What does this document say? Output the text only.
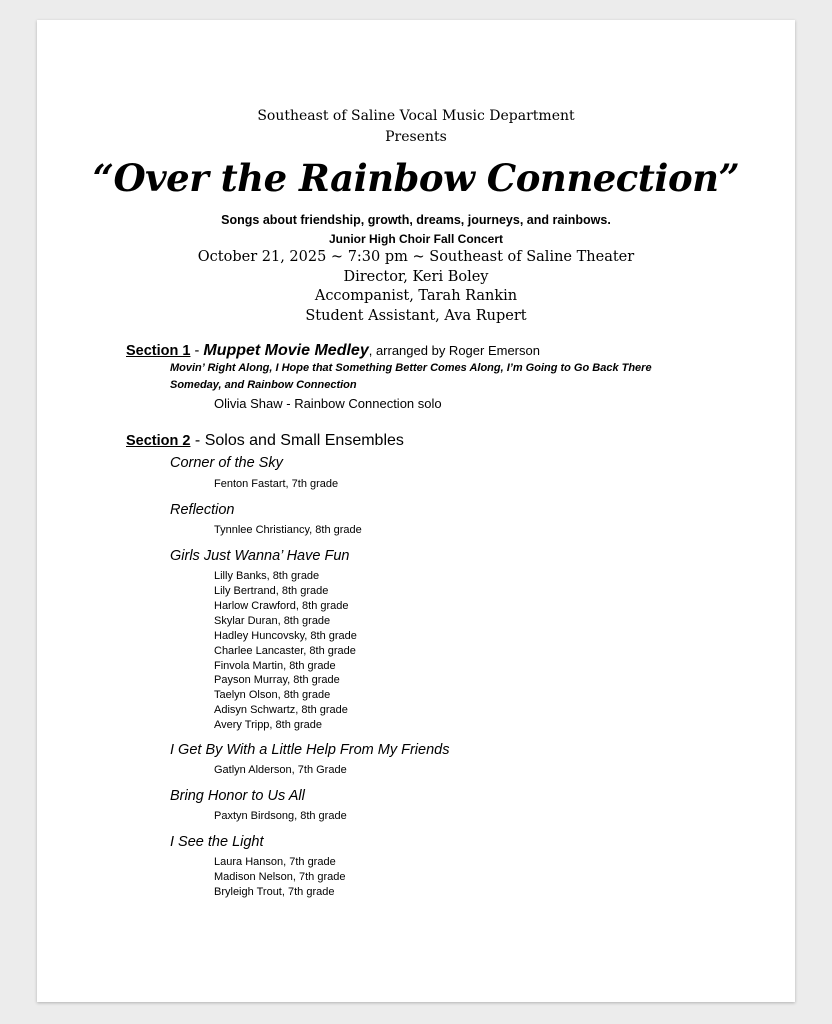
Southeast of Saline Vocal Music Department
Presents
“Over the Rainbow Connection”
Songs about friendship, growth, dreams, journeys, and rainbows.
Junior High Choir Fall Concert
October 21, 2025 ~ 7:30 pm ~ Southeast of Saline Theater
Director, Keri Boley
Accompanist, Tarah Rankin
Student Assistant, Ava Rupert
Section 1 - Muppet Movie Medley, arranged by Roger Emerson
Movin’ Right Along, I Hope that Something Better Comes Along, I’m Going to Go Back There
Someday, and Rainbow Connection
Olivia Shaw - Rainbow Connection solo
Section 2 - Solos and Small Ensembles
Corner of the Sky
Fenton Fastart, 7th grade
Reflection
Tynnlee Christiancy, 8th grade
Girls Just Wanna’ Have Fun
Lilly Banks, 8th grade
Lily Bertrand, 8th grade
Harlow Crawford, 8th grade
Skylar Duran, 8th grade
Hadley Huncovsky, 8th grade
Charlee Lancaster, 8th grade
Finvola Martin, 8th grade
Payson Murray, 8th grade
Taelyn Olson, 8th grade
Adisyn Schwartz, 8th grade
Avery Tripp, 8th grade
I Get By With a Little Help From My Friends
Gatlyn Alderson, 7th Grade
Bring Honor to Us All
Paxtyn Birdsong, 8th grade
I See the Light
Laura Hanson, 7th grade
Madison Nelson, 7th grade
Bryleigh Trout, 7th grade
